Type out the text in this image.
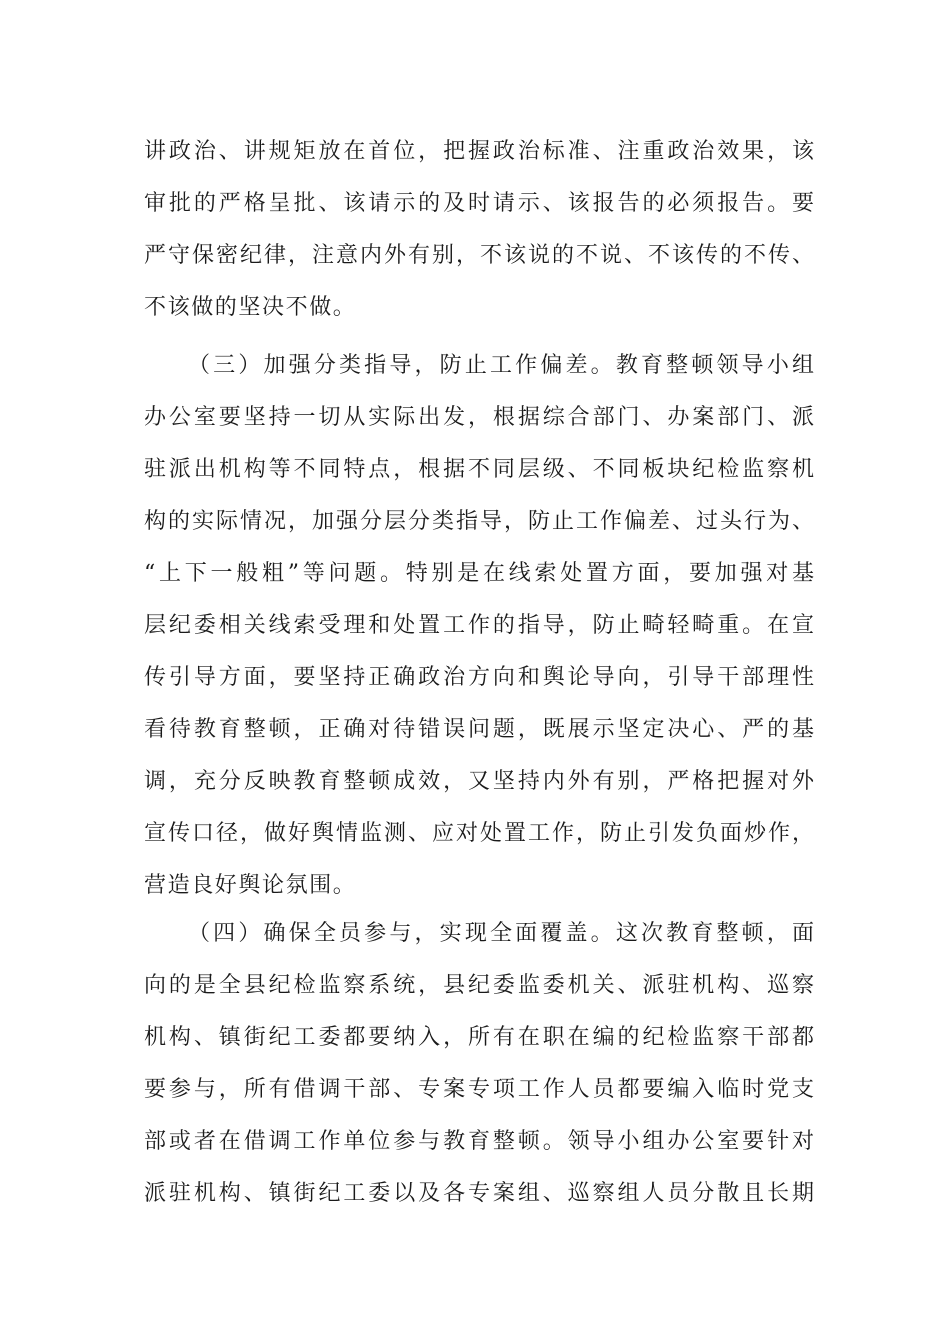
讲政治、讲规矩放在首位，把握政治标准、注重政治效果，该
审批的严格呈批、该请示的及时请示、该报告的必须报告。要
严守保密纪律，注意内外有别，不该说的不说、不该传的不传、
不该做的坚决不做。
（三）加强分类指导，防止工作偏差。教育整顿领导小组
办公室要坚持一切从实际出发，根据综合部门、办案部门、派
驻派出机构等不同特点，根据不同层级、不同板块纪检监察机
构的实际情况，加强分层分类指导，防止工作偏差、过头行为、
“上下一般粗”等问题。特别是在线索处置方面，要加强对基
层纪委相关线索受理和处置工作的指导，防止畸轻畸重。在宣
传引导方面，要坚持正确政治方向和舆论导向，引导干部理性
看待教育整顿，正确对待错误问题，既展示坚定决心、严的基
调，充分反映教育整顿成效，又坚持内外有别，严格把握对外
宣传口径，做好舆情监测、应对处置工作，防止引发负面炒作，
营造良好舆论氛围。
（四）确保全员参与，实现全面覆盖。这次教育整顿，面
向的是全县纪检监察系统，县纪委监委机关、派驻机构、巡察
机构、镇街纪工委都要纳入，所有在职在编的纪检监察干部都
要参与，所有借调干部、专案专项工作人员都要编入临时党支
部或者在借调工作单位参与教育整顿。领导小组办公室要针对
派驻机构、镇街纪工委以及各专案组、巡察组人员分散且长期
